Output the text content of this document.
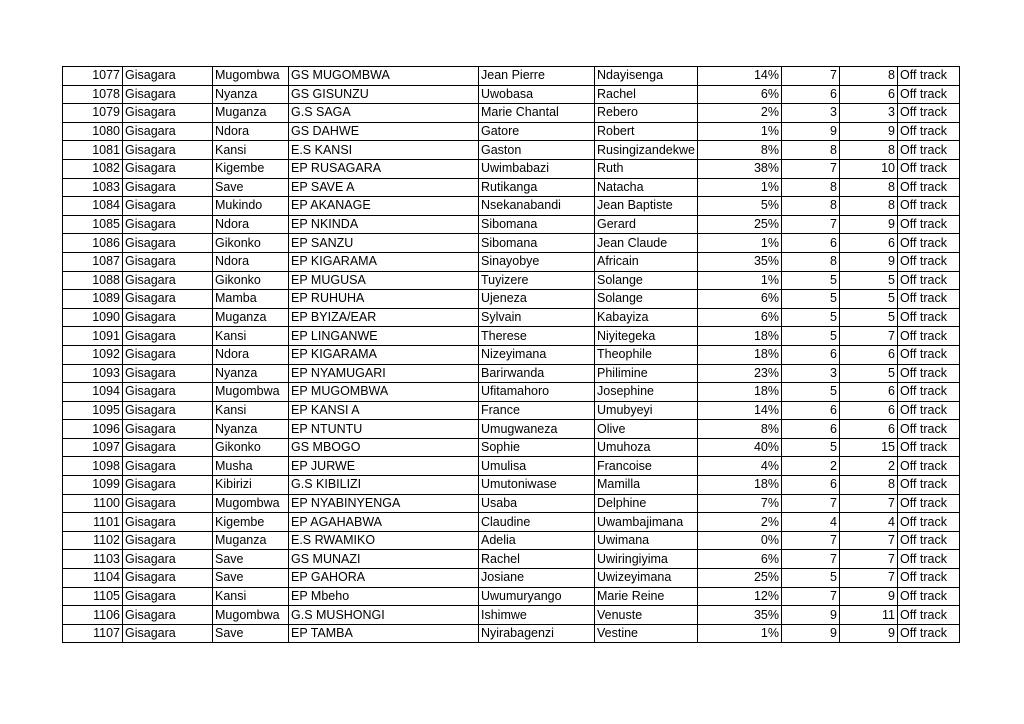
1077	Gisagara	Mugombwa	GS MUGOMBWA	Jean Pierre	Ndayisenga	14%	7	8	Off track
1078	Gisagara	Nyanza	GS GISUNZU	Uwobasa	Rachel	6%	6	6	Off track
1079	Gisagara	Muganza	G.S SAGA	Marie Chantal	Rebero	2%	3	3	Off track
1080	Gisagara	Ndora	GS DAHWE	Gatore	Robert	1%	9	9	Off track
1081	Gisagara	Kansi	E.S KANSI	Gaston	Rusingizandekwe	8%	8	8	Off track
1082	Gisagara	Kigembe	EP RUSAGARA	Uwimbabazi	Ruth	38%	7	10	Off track
1083	Gisagara	Save	EP SAVE A	Rutikanga	Natacha	1%	8	8	Off track
1084	Gisagara	Mukindo	EP AKANAGE	Nsekanabandi	Jean Baptiste	5%	8	8	Off track
1085	Gisagara	Ndora	EP NKINDA	Sibomana	Gerard	25%	7	9	Off track
1086	Gisagara	Gikonko	EP SANZU	Sibomana	Jean Claude	1%	6	6	Off track
1087	Gisagara	Ndora	EP KIGARAMA	Sinayobye	Africain	35%	8	9	Off track
1088	Gisagara	Gikonko	EP MUGUSA	Tuyizere	Solange	1%	5	5	Off track
1089	Gisagara	Mamba	EP RUHUHA	Ujeneza	Solange	6%	5	5	Off track
1090	Gisagara	Muganza	EP BYIZA/EAR	Sylvain	Kabayiza	6%	5	5	Off track
1091	Gisagara	Kansi	EP LINGANWE	Therese	Niyitegeka	18%	5	7	Off track
1092	Gisagara	Ndora	EP KIGARAMA	Nizeyimana	Theophile	18%	6	6	Off track
1093	Gisagara	Nyanza	EP NYAMUGARI	Barirwanda	Philimine	23%	3	5	Off track
1094	Gisagara	Mugombwa	EP MUGOMBWA	Ufitamahoro	Josephine	18%	5	6	Off track
1095	Gisagara	Kansi	EP KANSI A	France	Umubyeyi	14%	6	6	Off track
1096	Gisagara	Nyanza	EP NTUNTU	Umugwaneza	Olive	8%	6	6	Off track
1097	Gisagara	Gikonko	GS MBOGO	Sophie	Umuhoza	40%	5	15	Off track
1098	Gisagara	Musha	EP JURWE	Umulisa	Francoise	4%	2	2	Off track
1099	Gisagara	Kibirizi	G.S KIBILIZI	Umutoniwase	Mamilla	18%	6	8	Off track
1100	Gisagara	Mugombwa	EP NYABINYENGA	Usaba	Delphine	7%	7	7	Off track
1101	Gisagara	Kigembe	EP AGAHABWA	Claudine	Uwambajimana	2%	4	4	Off track
1102	Gisagara	Muganza	E.S RWAMIKO	Adelia	Uwimana	0%	7	7	Off track
1103	Gisagara	Save	GS MUNAZI	Rachel	Uwiringiyima	6%	7	7	Off track
1104	Gisagara	Save	EP GAHORA	Josiane	Uwizeyimana	25%	5	7	Off track
1105	Gisagara	Kansi	EP Mbeho	Uwumuryango	Marie Reine	12%	7	9	Off track
1106	Gisagara	Mugombwa	G.S MUSHONGI	Ishimwe	Venuste	35%	9	11	Off track
1107	Gisagara	Save	EP TAMBA	Nyirabagenzi	Vestine	1%	9	9	Off track
